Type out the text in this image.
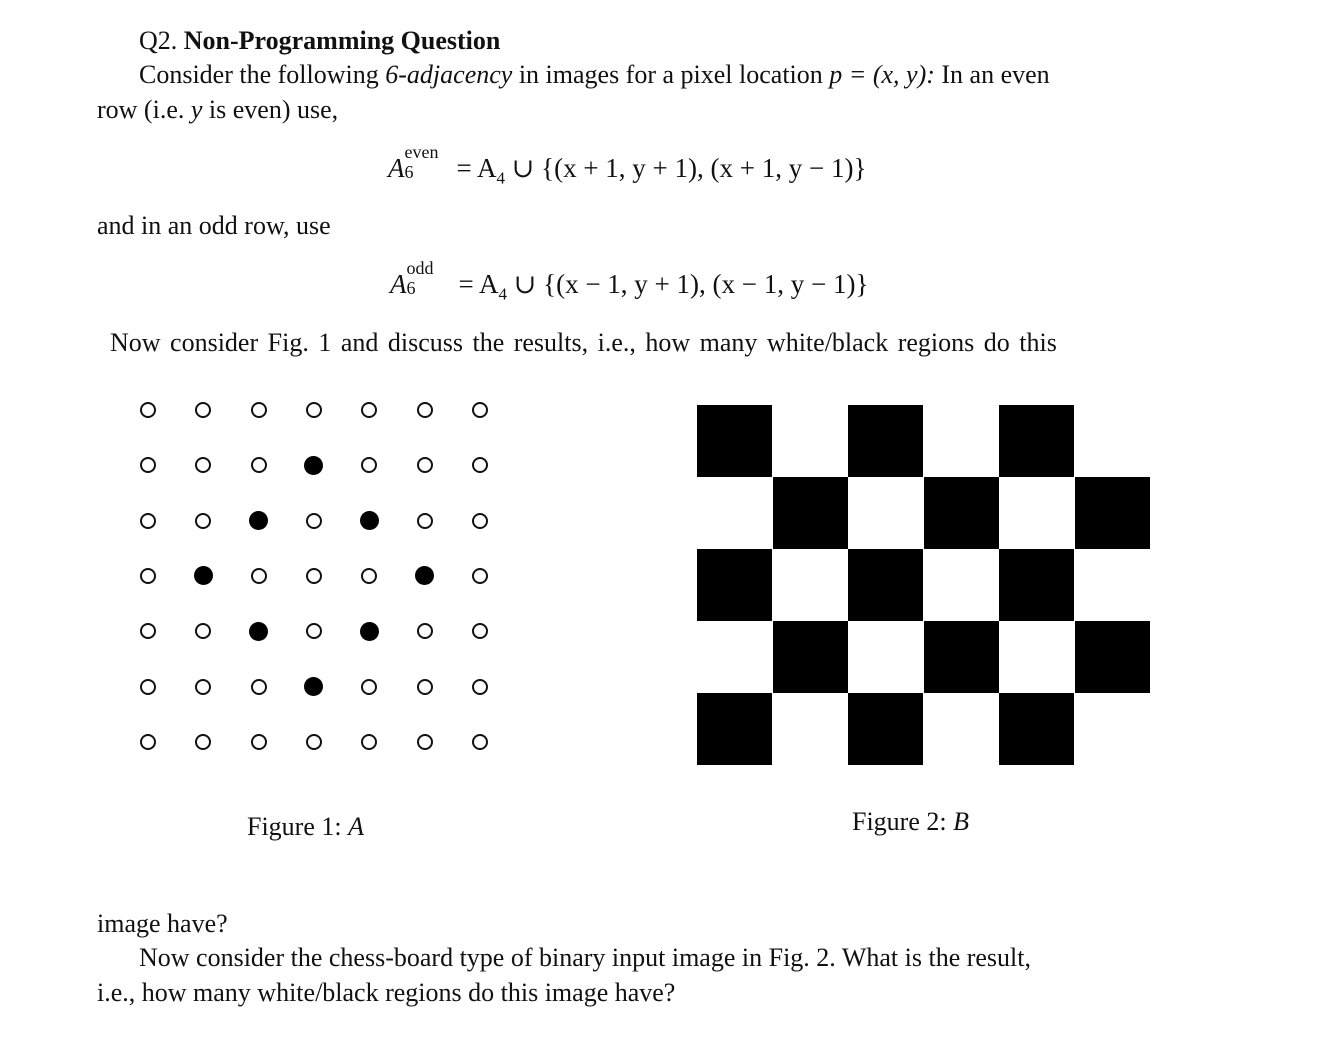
Q2. Non-Programming Question
Consider the following 6-adjacency in images for a pixel location p = (x, y): In an even
row (i.e. y is even) use,
A
even
$6 = A_4$ ∪ {(x + 1, y + 1), (x + 1, y − 1)}
and in an odd row, use
A
odd
$6 = A_4$ ∪ {(x − 1, y + 1), (x − 1, y − 1)}
Now consider Fig. 1 and discuss the results, i.e., how many white/black regions do this
Figure 1: A	Figure 2: B
image have?
Now consider the chess-board type of binary input image in Fig. 2. What is the result,
i.e., how many white/black regions do this image have?
